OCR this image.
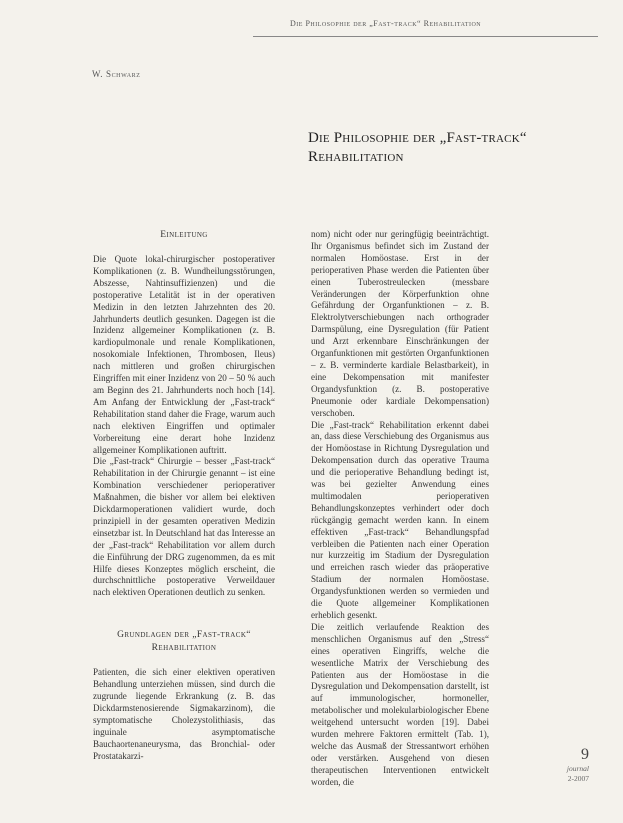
Die Philosophie der „Fast-track“ Rehabilitation
W. Schwarz
Die Philosophie der „Fast-track“
Rehabilitation
Einleitung

Die Quote lokal-chirurgischer postoperativer Komplikationen (z. B. Wundheilungsstörungen, Abszesse, Nahtinsuffizienzen) und die postoperative Letalität ist in der operativen Medizin in den letzten Jahrzehnten des 20. Jahrhunderts deutlich gesunken. Dagegen ist die Inzidenz allgemeiner Komplikationen (z. B. kardiopulmonale und renale Komplikationen, nosokomiale Infektionen, Thrombosen, Ileus) nach mittleren und großen chirurgischen Eingriffen mit einer Inzidenz von 20 – 50 % auch am Beginn des 21. Jahrhunderts noch hoch [14]. Am Anfang der Entwicklung der „Fast-track“ Rehabilitation stand daher die Frage, warum auch nach elektiven Eingriffen und optimaler Vorbereitung eine derart hohe Inzidenz allgemeiner Komplikationen auftritt.

Die „Fast-track“ Chirurgie – besser „Fast-track“ Rehabilitation in der Chirurgie genannt – ist eine Kombination verschiedener perioperativer Maßnahmen, die bisher vor allem bei elektiven Dickdarmoperationen validiert wurde, doch prinzipiell in der gesamten operativen Medizin einsetzbar ist. In Deutschland hat das Interesse an der „Fast-track“ Rehabilitation vor allem durch die Einführung der DRG zugenommen, da es mit Hilfe dieses Konzeptes möglich erscheint, die durchschnittliche postoperative Verweildauer nach elektiven Operationen deutlich zu senken.

Grundlagen der „Fast-track“
Rehabilitation

Patienten, die sich einer elektiven operativen Behandlung unterziehen müssen, sind durch die zugrunde liegende Erkrankung (z. B. das Dickdarmstenosierende Sigmakarzinom), die symptomatische Cholezystolithiasis, das inguinale asymptomatische Bauchaortenaneurysma, das Bronchial- oder Prostatakarzi-

nom) nicht oder nur geringfügig beeinträchtigt. Ihr Organismus befindet sich im Zustand der normalen Homöostase. Erst in der perioperativen Phase werden die Patienten über einen Tuberostreulecken (messbare Veränderungen der Körperfunktion ohne Gefährdung der Organfunktionen – z. B. Elektrolytverschiebungen nach orthograder Darmspülung, eine Dysregulation (für Patient und Arzt erkennbare Einschränkungen der Organfunktionen mit gestörten Organfunktionen – z. B. verminderte kardiale Belastbarkeit), in eine Dekompensation mit manifester Organdysfunktion (z. B. postoperative Pneumonie oder kardiale Dekompensation) verschoben.

Die „Fast-track“ Rehabilitation erkennt dabei an, dass diese Verschiebung des Organismus aus der Homöostase in Richtung Dysregulation und Dekompensation durch das operative Trauma und die perioperative Behandlung bedingt ist, was bei gezielter Anwendung eines multimodalen perioperativen Behandlungskonzeptes verhindert oder doch rückgängig gemacht werden kann. In einem effektiven „Fast-track“ Behandlungspfad verbleiben die Patienten nach einer Operation nur kurzzeitig im Stadium der Dysregulation und erreichen rasch wieder das präoperative Stadium der normalen Homöostase. Organdysfunktionen werden so vermieden und die Quote allgemeiner Komplikationen erheblich gesenkt.

Die zeitlich verlaufende Reaktion des menschlichen Organismus auf den „Stress“ eines operativen Eingriffs, welche die wesentliche Matrix der Verschiebung des Patienten aus der Homöostase in die Dysregulation und Dekompensation darstellt, ist auf immunologischer, hormoneller, metabolischer und molekularbiologischer Ebene weitgehend untersucht worden [19]. Dabei wurden mehrere Faktoren ermittelt (Tab. 1), welche das Ausmaß der Stressantwort erhöhen oder verstärken. Ausgehend von diesen therapeutischen Interventionen entwickelt worden, die

9
journal
2-2007
